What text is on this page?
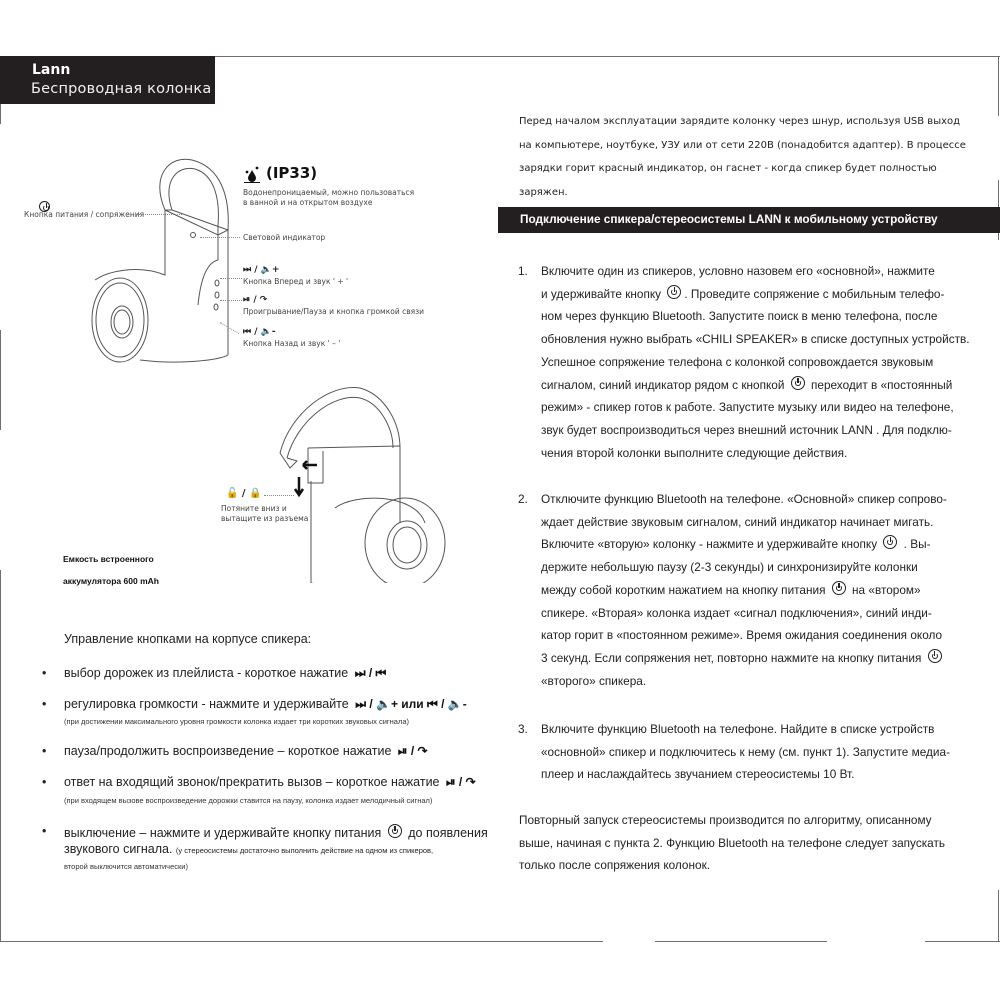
Lann
Беспроводная колонка
(IP33)
Водонепроницаемый, можно пользоваться
в ванной и на открытом воздухе
Кнопка питания / сопряжения
Световой индикатор
⏭ / 🔈+
Кнопка Вперед и звук ' + '
⏯ / ↷
Проигрывание/Пауза и кнопка громкой связи
⏮ / 🔈-
Кнопка Назад и звук ' – '
🔓 / 🔒
Потяните вниз и
вытащите из разъема
Емкость встроенного
аккумулятора 600 mAh
Управление кнопками на корпусе спикера:
• выбор дорожек из плейлиста - короткое нажатие ⏭ / ⏮
• регулировка громкости - нажмите и удерживайте ⏭ / 🔈+ или ⏮ / 🔈-
(при достижении максимального уровня громкости колонка издает три коротких звуковых сигнала)
• пауза/продолжить воспроизведение – короткое нажатие ⏯ / ↷
• ответ на входящий звонок/прекратить вызов – короткое нажатие ⏯ / ↷
(при входящем вызове воспроизведение дорожки ставится на паузу, колонка издает мелодичный сигнал)
• выключение – нажмите и удерживайте кнопку питания до появления
звукового сигнала. (у стереосистемы достаточно выполнить действие на одном из спикеров,
второй выключится автоматически)
Перед началом эксплуатации зарядите колонку через шнур, используя USB выход
на компьютере, ноутбуке, УЗУ или от сети 220В (понадобится адаптер). В процессе
зарядки горит красный индикатор, он гаснет - когда спикер будет полностью заряжен.
Подключение спикера/стереосистемы LANN к мобильному устройству
1. Включите один из спикеров, условно назовем его «основной», нажмите
и удерживайте кнопку . Проведите сопряжение с мобильным телефо-
ном через функцию Bluetooth. Запустите поиск в меню телефона, после
обновления нужно выбрать «CHILI SPEAKER» в списке доступных устройств.
Успешное сопряжение телефона с колонкой сопровождается звуковым
сигналом, синий индикатор рядом с кнопкой  переходит в «постоянный
режим» - спикер готов к работе. Запустите музыку или видео на телефоне,
звук будет воспроизводиться через внешний источник LANN . Для подклю-
чения второй колонки выполните следующие действия.
2. Отключите функцию Bluetooth на телефоне. «Основной» спикер сопрово-
ждает действие звуковым сигналом, синий индикатор начинает мигать.
Включите «вторую» колонку - нажмите и удерживайте кнопку  . Вы-
держите небольшую паузу (2-3 секунды) и синхронизируйте колонки
между собой коротким нажатием на кнопку питания  на «втором»
спикере. «Вторая» колонка издает «сигнал подключения», синий инди-
катор горит в «постоянном режиме». Время ожидания соединения около
3 секунд. Если сопряжения нет, повторно нажмите на кнопку питания
«второго» спикера.
3. Включите функцию Bluetooth на телефоне. Найдите в списке устройств
«основной» спикер и подключитесь к нему (см. пункт 1). Запустите медиа-
плеер и наслаждайтесь звучанием стереосистемы 10 Вт.
Повторный запуск стереосистемы производится по алгоритму, описанному
выше, начиная с пункта 2. Функцию Bluetooth на телефоне следует запускать
только после сопряжения колонок.
